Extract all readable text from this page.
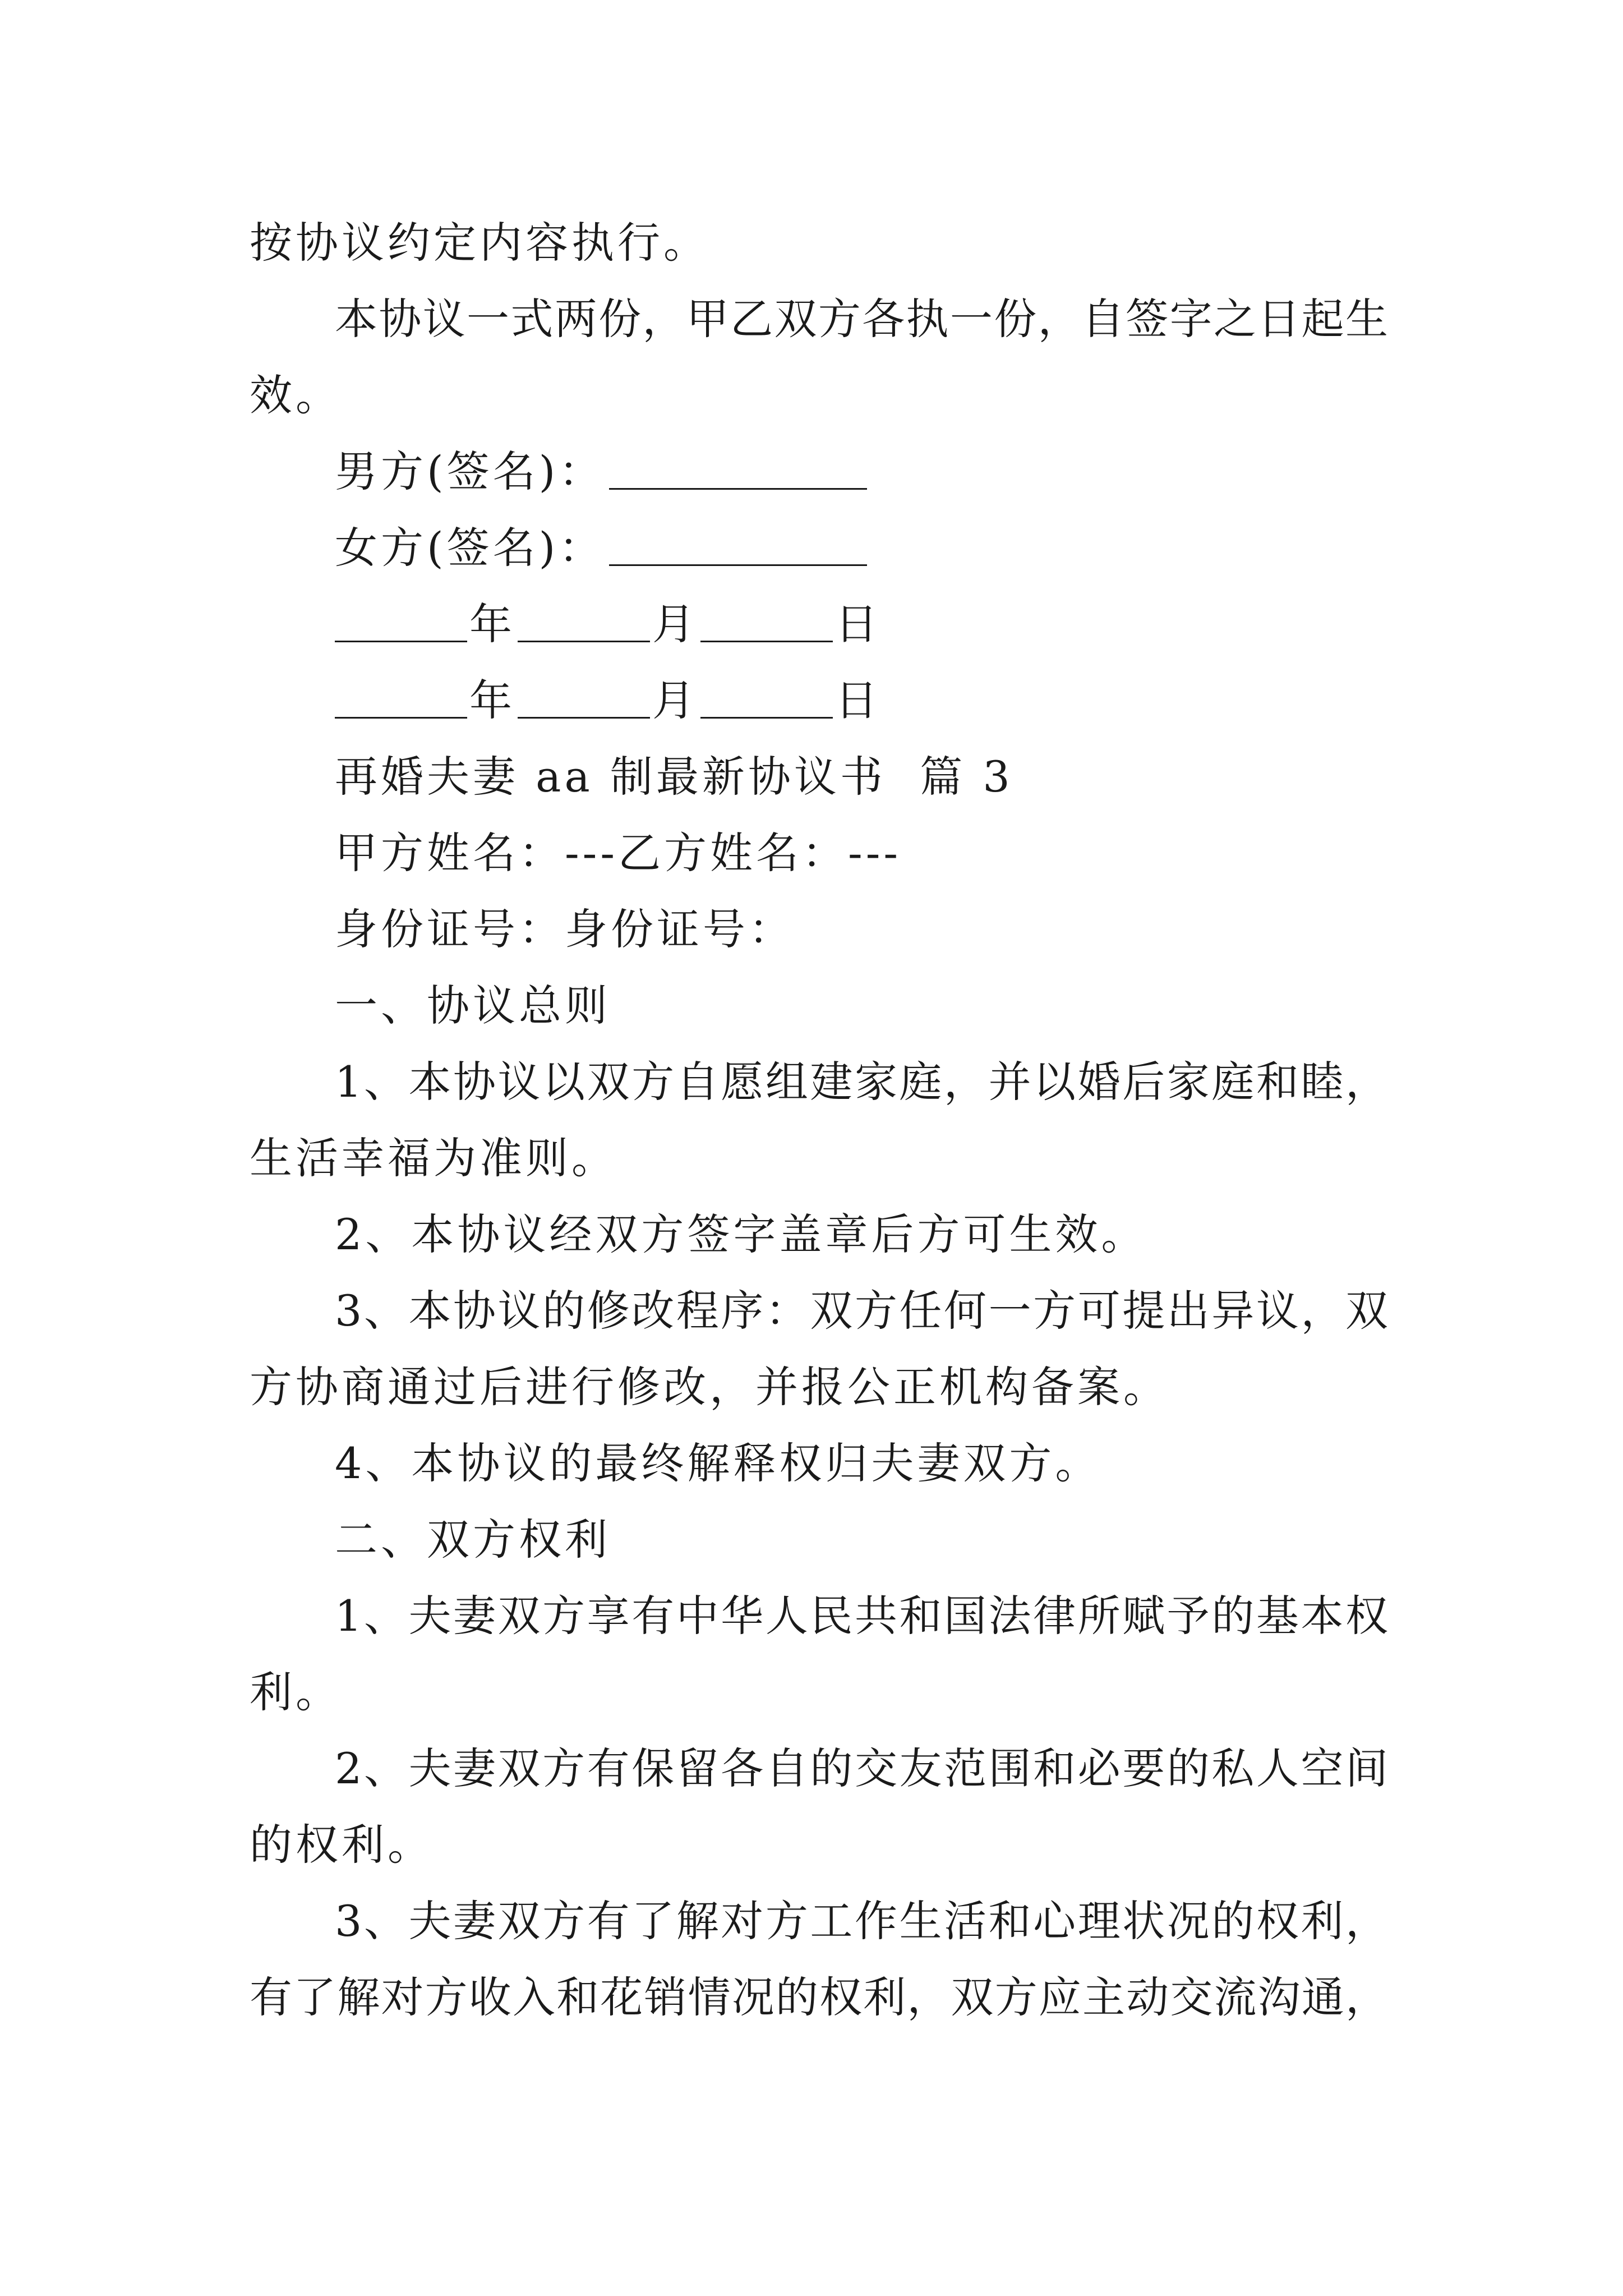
按协议约定内容执行。
本协议一式两份，甲乙双方各执一份，自签字之日起生
效。
男方(签名)：
女方(签名)：
年	月	日
年	月	日
再婚夫妻 aa 制最新协议书  篇 3
甲方姓名：---乙方姓名：---
身份证号：身份证号：
一、协议总则
1、本协议以双方自愿组建家庭，并以婚后家庭和睦，
生活幸福为准则。
2、本协议经双方签字盖章后方可生效。
3、本协议的修改程序：双方任何一方可提出异议，双
方协商通过后进行修改，并报公正机构备案。
4、本协议的最终解释权归夫妻双方。
二、双方权利
1、夫妻双方享有中华人民共和国法律所赋予的基本权
利。
2、夫妻双方有保留各自的交友范围和必要的私人空间
的权利。
3、夫妻双方有了解对方工作生活和心理状况的权利，
有了解对方收入和花销情况的权利，双方应主动交流沟通，
